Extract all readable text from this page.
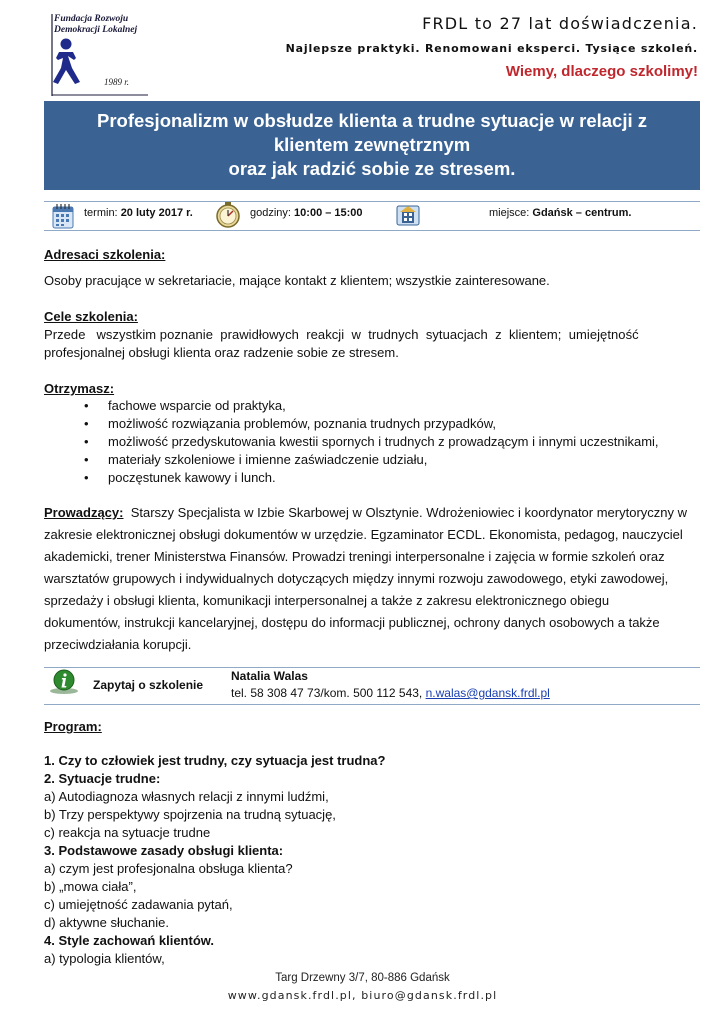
Fundacja Rozwoju
Demokracji Lokalnej
1989 r.
FRDL to 27 lat doświadczenia.
Najlepsze praktyki. Renomowani eksperci. Tysiące szkoleń.
Wiemy, dlaczego szkolimy!
Profesjonalizm w obsłudze klienta a trudne sytuacje w relacji z
klientem zewnętrznym
oraz jak radzić sobie ze stresem.
termin: 20 luty 2017 r.	godziny: 10:00 – 15:00	miejsce: Gdańsk – centrum.
Adresaci szkolenia:
Osoby pracujące w sekretariacie, mające kontakt z klientem; wszystkie zainteresowane.
Cele szkolenia:
Przede   wszystkim poznanie  prawidłowych  reakcji  w  trudnych  sytuacjach  z  klientem;  umiejętność
profesjonalnej obsługi klienta oraz radzenie sobie ze stresem.
Otrzymasz:
• fachowe wsparcie od praktyka,
• możliwość rozwiązania problemów, poznania trudnych przypadków,
• możliwość przedyskutowania kwestii spornych i trudnych z prowadzącym i innymi uczestnikami,
• materiały szkoleniowe i imienne zaświadczenie udziału,
• poczęstunek kawowy i lunch.
Prowadzący:  Starszy Specjalista w Izbie Skarbowej w Olsztynie. Wdrożeniowiec i koordynator merytoryczny w
zakresie elektronicznej obsługi dokumentów w urzędzie. Egzaminator ECDL. Ekonomista, pedagog, nauczyciel
akademicki, trener Ministerstwa Finansów. Prowadzi treningi interpersonalne i zajęcia w formie szkoleń oraz
warsztatów grupowych i indywidualnych dotyczących między innymi rozwoju zawodowego, etyki zawodowej,
sprzedaży i obsługi klienta, komunikacji interpersonalnej a także z zakresu elektronicznego obiegu
dokumentów, instrukcji kancelaryjnej, dostępu do informacji publicznej, ochrony danych osobowych a także
przeciwdziałania korupcji.
Zapytaj o szkolenie
Natalia Walas
tel. 58 308 47 73/kom. 500 112 543, n.walas@gdansk.frdl.pl
Program:
1. Czy to człowiek jest trudny, czy sytuacja jest trudna?
2. Sytuacje trudne:
a) Autodiagnoza własnych relacji z innymi ludźmi,
b) Trzy perspektywy spojrzenia na trudną sytuację,
c) reakcja na sytuacje trudne
3. Podstawowe zasady obsługi klienta:
a) czym jest profesjonalna obsługa klienta?
b) „mowa ciała”,
c) umiejętność zadawania pytań,
d) aktywne słuchanie.
4. Style zachowań klientów.
a) typologia klientów,
Targ Drzewny 3/7, 80-886 Gdańsk
www.gdansk.frdl.pl, biuro@gdansk.frdl.pl
